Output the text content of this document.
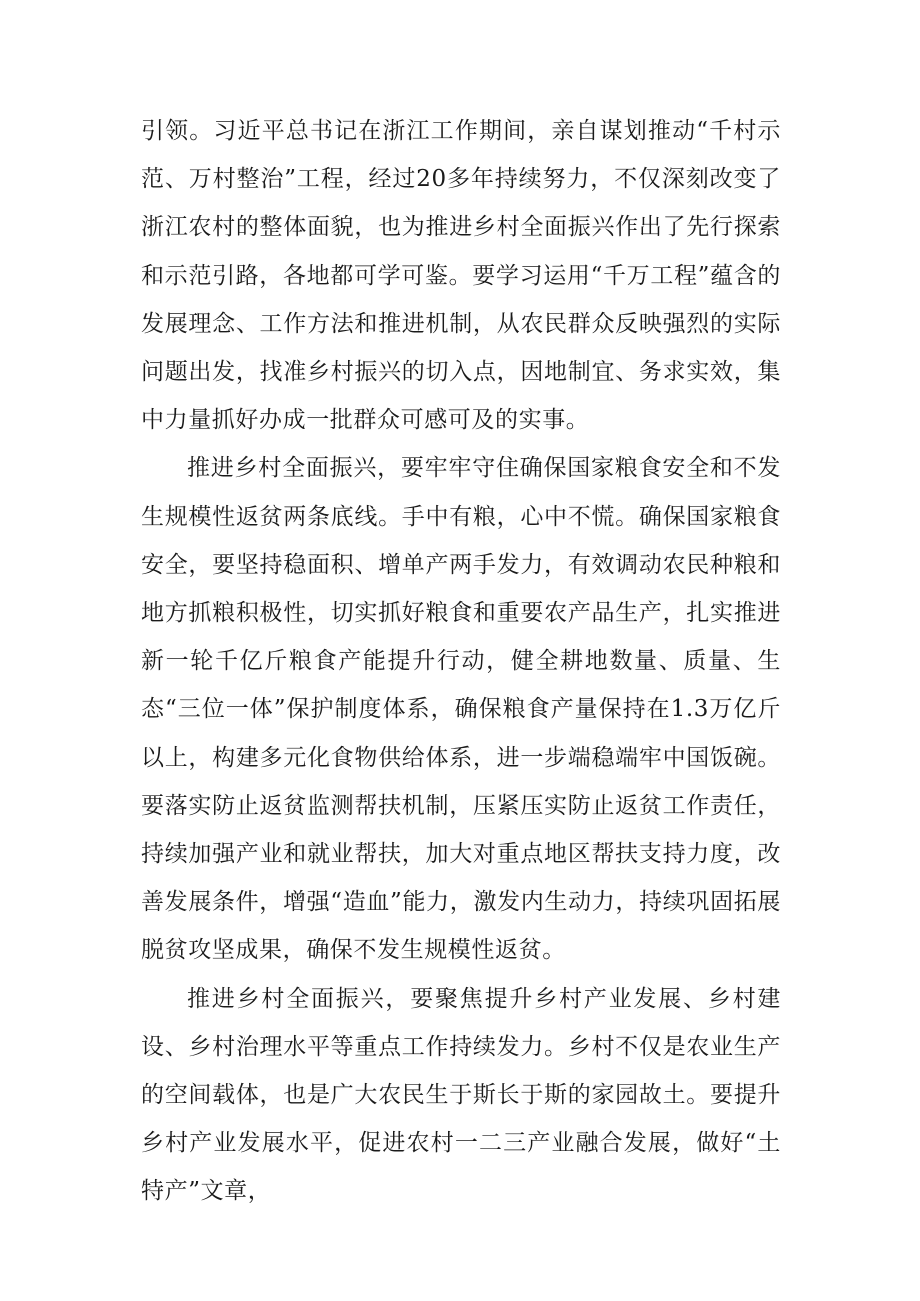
引领。习近平总书记在浙江工作期间，亲自谋划推动“千村示范、万村整治”工程，经过20多年持续努力，不仅深刻改变了浙江农村的整体面貌，也为推进乡村全面振兴作出了先行探索和示范引路，各地都可学可鉴。要学习运用“千万工程”蕴含的发展理念、工作方法和推进机制，从农民群众反映强烈的实际问题出发，找准乡村振兴的切入点，因地制宜、务求实效，集中力量抓好办成一批群众可感可及的实事。

推进乡村全面振兴，要牢牢守住确保国家粮食安全和不发生规模性返贫两条底线。手中有粮，心中不慌。确保国家粮食安全，要坚持稳面积、增单产两手发力，有效调动农民种粮和地方抓粮积极性，切实抓好粮食和重要农产品生产，扎实推进新一轮千亿斤粮食产能提升行动，健全耕地数量、质量、生态“三位一体”保护制度体系，确保粮食产量保持在1.3万亿斤以上，构建多元化食物供给体系，进一步端稳端牢中国饭碗。要落实防止返贫监测帮扶机制，压紧压实防止返贫工作责任，持续加强产业和就业帮扶，加大对重点地区帮扶支持力度，改善发展条件，增强“造血”能力，激发内生动力，持续巩固拓展脱贫攻坚成果，确保不发生规模性返贫。

推进乡村全面振兴，要聚焦提升乡村产业发展、乡村建设、乡村治理水平等重点工作持续发力。乡村不仅是农业生产的空间载体，也是广大农民生于斯长于斯的家园故土。要提升乡村产业发展水平，促进农村一二三产业融合发展，做好“土特产”文章，
